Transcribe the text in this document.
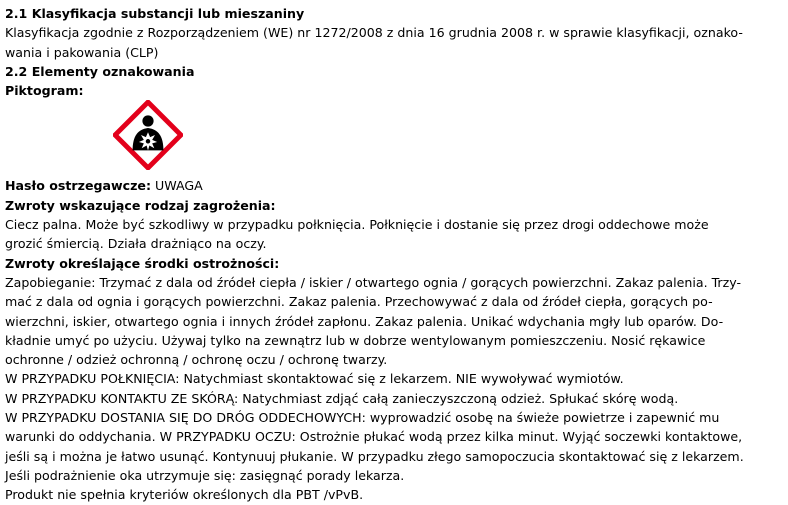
2.1 Klasyfikacja substancji lub mieszaniny
Klasyfikacja zgodnie z Rozporządzeniem (WE) nr 1272/2008 z dnia 16 grudnia 2008 r. w sprawie klasyfikacji, oznako-
wania i pakowania (CLP)
2.2 Elementy oznakowania
Piktogram:
Hasło ostrzegawcze: UWAGA
Zwroty wskazujące rodzaj zagrożenia:
Ciecz palna. Może być szkodliwy w przypadku połknięcia. Połknięcie i dostanie się przez drogi oddechowe może
grozić śmiercią. Działa drażniąco na oczy.
Zwroty określające środki ostrożności:
Zapobieganie: Trzymać z dala od źródeł ciepła / iskier / otwartego ognia / gorących powierzchni. Zakaz palenia. Trzy-
mać z dala od ognia i gorących powierzchni. Zakaz palenia. Przechowywać z dala od źródeł ciepła, gorących po-
wierzchni, iskier, otwartego ognia i innych źródeł zapłonu. Zakaz palenia. Unikać wdychania mgły lub oparów. Do-
kładnie umyć po użyciu. Używaj tylko na zewnątrz lub w dobrze wentylowanym pomieszczeniu. Nosić rękawice
ochronne / odzież ochronną / ochronę oczu / ochronę twarzy.
W PRZYPADKU POŁKNIĘCIA: Natychmiast skontaktować się z lekarzem. NIE wywoływać wymiotów.
W PRZYPADKU KONTAKTU ZE SKÓRĄ: Natychmiast zdjąć całą zanieczyszczoną odzież. Spłukać skórę wodą.
W PRZYPADKU DOSTANIA SIĘ DO DRÓG ODDECHOWYCH: wyprowadzić osobę na świeże powietrze i zapewnić mu
warunki do oddychania. W PRZYPADKU OCZU: Ostrożnie płukać wodą przez kilka minut. Wyjąć soczewki kontaktowe,
jeśli są i można je łatwo usunąć. Kontynuuj płukanie. W przypadku złego samopoczucia skontaktować się z lekarzem.
Jeśli podrażnienie oka utrzymuje się: zasięgnąć porady lekarza.
Produkt nie spełnia kryteriów określonych dla PBT /vPvB.
